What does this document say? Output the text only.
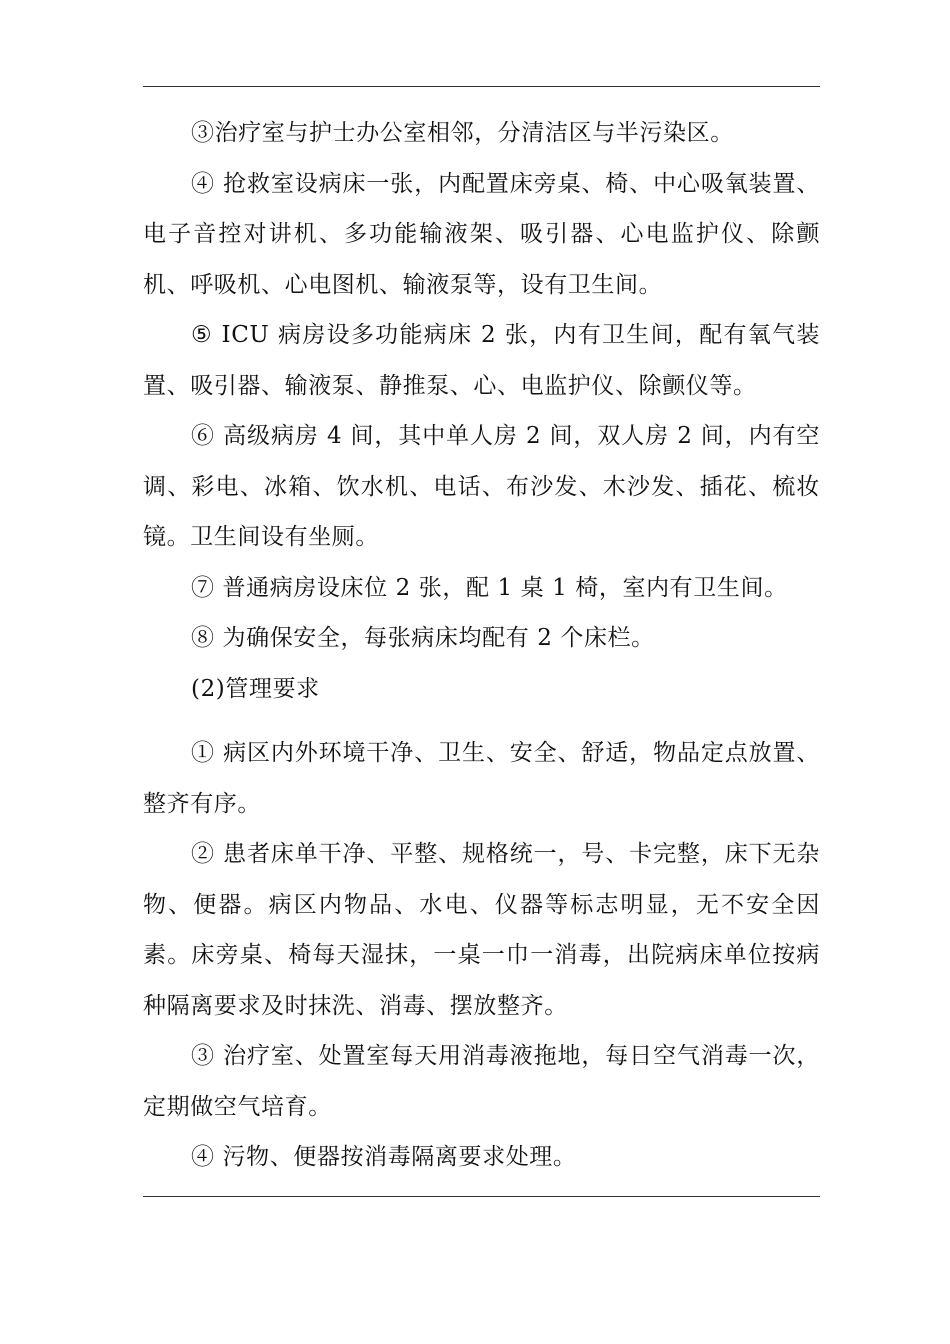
③治疗室与护士办公室相邻，分清洁区与半污染区。

④ 抢救室设病床一张，内配置床旁桌、椅、中心吸氧装置、电子音控对讲机、多功能输液架、吸引器、心电监护仪、除颤机、呼吸机、心电图机、输液泵等，设有卫生间。

⑤ ICU 病房设多功能病床 2 张，内有卫生间，配有氧气装置、吸引器、输液泵、静推泵、心、电监护仪、除颤仪等。

⑥ 高级病房 4 间，其中单人房 2 间，双人房 2 间，内有空调、彩电、冰箱、饮水机、电话、布沙发、木沙发、插花、梳妆镜。卫生间设有坐厕。

⑦ 普通病房设床位 2 张，配 1 桌 1 椅，室内有卫生间。

⑧ 为确保安全，每张病床均配有 2 个床栏。

(2)管理要求

① 病区内外环境干净、卫生、安全、舒适，物品定点放置、整齐有序。

② 患者床单干净、平整、规格统一，号、卡完整，床下无杂物、便器。病区内物品、水电、仪器等标志明显，无不安全因素。床旁桌、椅每天湿抹，一桌一巾一消毒，出院病床单位按病种隔离要求及时抹洗、消毒、摆放整齐。

③ 治疗室、处置室每天用消毒液拖地，每日空气消毒一次，定期做空气培育。

④ 污物、便器按消毒隔离要求处理。
